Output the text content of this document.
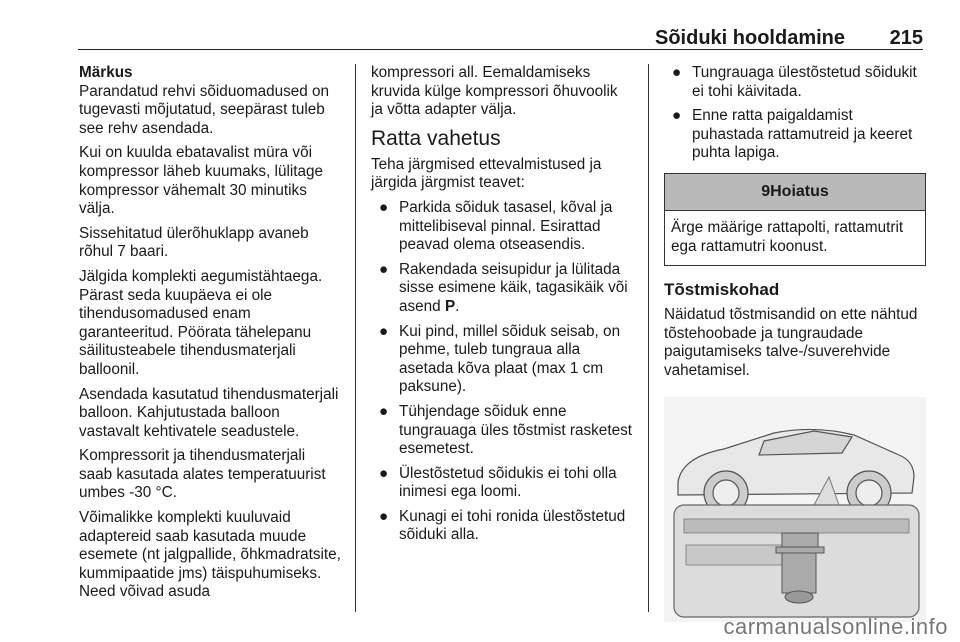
Sõiduki hooldamine 215
Märkus

Parandatud rehvi sõiduomadused on tugevasti mõjutatud, seepärast tuleb see rehv asendada.

Kui on kuulda ebatavalist müra või kompressor läheb kuumaks, lülitage kompressor vähemalt 30 minutiks välja.

Sissehitatud ülerõhuklapp avaneb rõhul 7 baari.

Jälgida komplekti aegumistähtaega. Pärast seda kuupäeva ei ole tihendusomadused enam garanteeritud. Pöörata tähelepanu säilitusteabele tihendusmaterjali balloonil.

Asendada kasutatud tihendusmaterjali balloon. Kahjutustada balloon vastavalt kehtivatele seadustele.

Kompressorit ja tihendusmaterjali saab kasutada alates temperatuurist umbes -30 °C.

Võimalikke komplekti kuuluvaid adaptereid saab kasutada muude esemete (nt jalgpallide, õhkmadratsite, kummipaatide jms) täispuhumiseks. Need võivad asuda

kompressori all. Eemaldamiseks kruvida külge kompressori õhuvoolik ja võtta adapter välja.

Ratta vahetus

Teha järgmised ettevalmistused ja järgida järgmist teavet:

● Parkida sõiduk tasasel, kõval ja mittelibiseval pinnal. Esirattad peavad olema otseasendis.
● Rakendada seisupidur ja lülitada sisse esimene käik, tagasikäik või asend P.
● Kui pind, millel sõiduk seisab, on pehme, tuleb tungraua alla asetada kõva plaat (max 1 cm paksune).
● Tühjendage sõiduk enne tungrauaga üles tõstmist rasketest esemetest.
● Ülestõstetud sõidukis ei tohi olla inimesi ega loomi.
● Kunagi ei tohi ronida ülestõstetud sõiduki alla.
● Tungrauaga ülestõstetud sõidukit ei tohi käivitada.
● Enne ratta paigaldamist puhastada rattamutreid ja keeret puhta lapiga.
9Hoiatus
Ärge määrige rattapolti, rattamutrit ega rattamutri koonust.
Tõstmiskohad

Näidatud tõstmisandid on ette nähtud tõstehoobade ja tungraudade paigutamiseks talve-/suverehvide vahetamisel.

carmanualsonline.info
